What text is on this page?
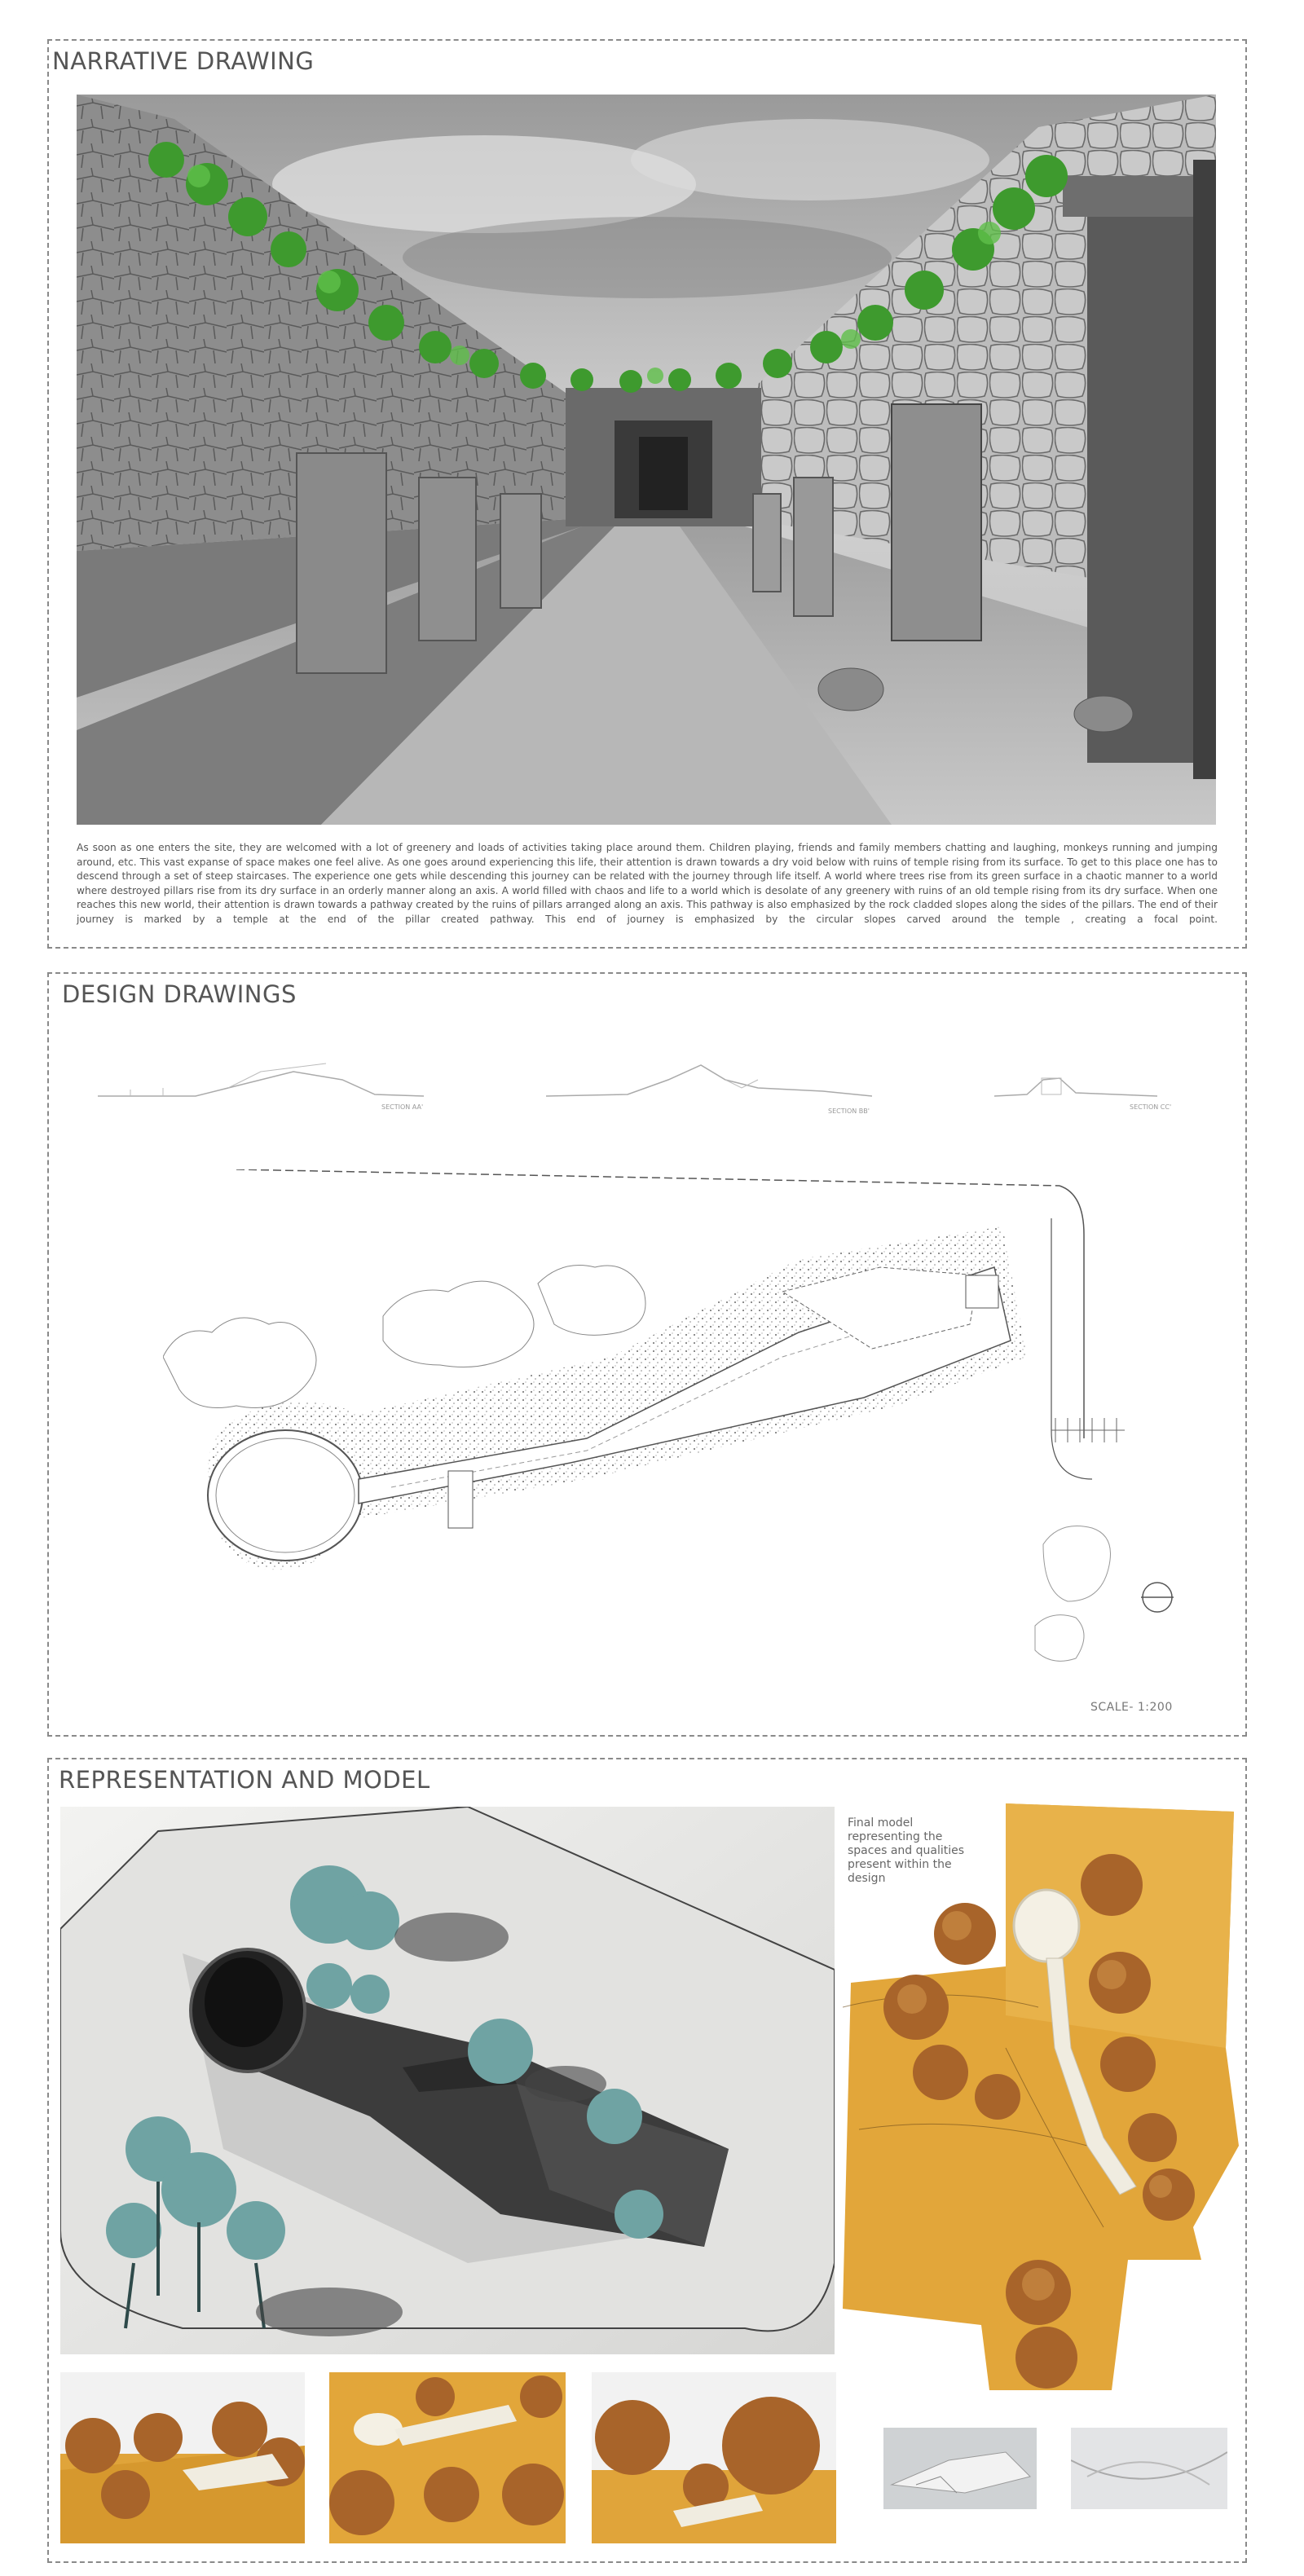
NARRATIVE DRAWING
As soon as one enters the site, they are welcomed with a lot of greenery and loads of activities taking place around them. Children playing, friends and family members chatting and laughing, monkeys running and jumping around, etc. This vast expanse of space makes one feel alive. As one goes around experiencing this life, their attention is drawn towards a dry void below with ruins of temple rising from its surface. To get to this place one has to descend through a set of steep staircases. The experience one gets while descending this journey can be related with the journey through life itself. A world where trees rise from its green surface in a chaotic manner to a world where destroyed pillars rise from its dry surface in an orderly manner along an axis. A world filled with chaos and life to a world which is desolate of any greenery with ruins of an old temple rising from its dry surface. When one reaches this new world, their attention is drawn towards a pathway created by the ruins of pillars arranged along an axis. This pathway is also emphasized by the rock cladded slopes along the sides of the pillars. The end of their journey is marked by a temple at the end of the pillar created pathway. This end of journey is emphasized by the circular slopes carved around the temple , creating a focal point.
DESIGN DRAWINGS
SECTION AA'
SECTION BB'
SECTION CC'
SCALE- 1:200
REPRESENTATION AND MODEL
Final model representing the spaces and qualities present within the design
